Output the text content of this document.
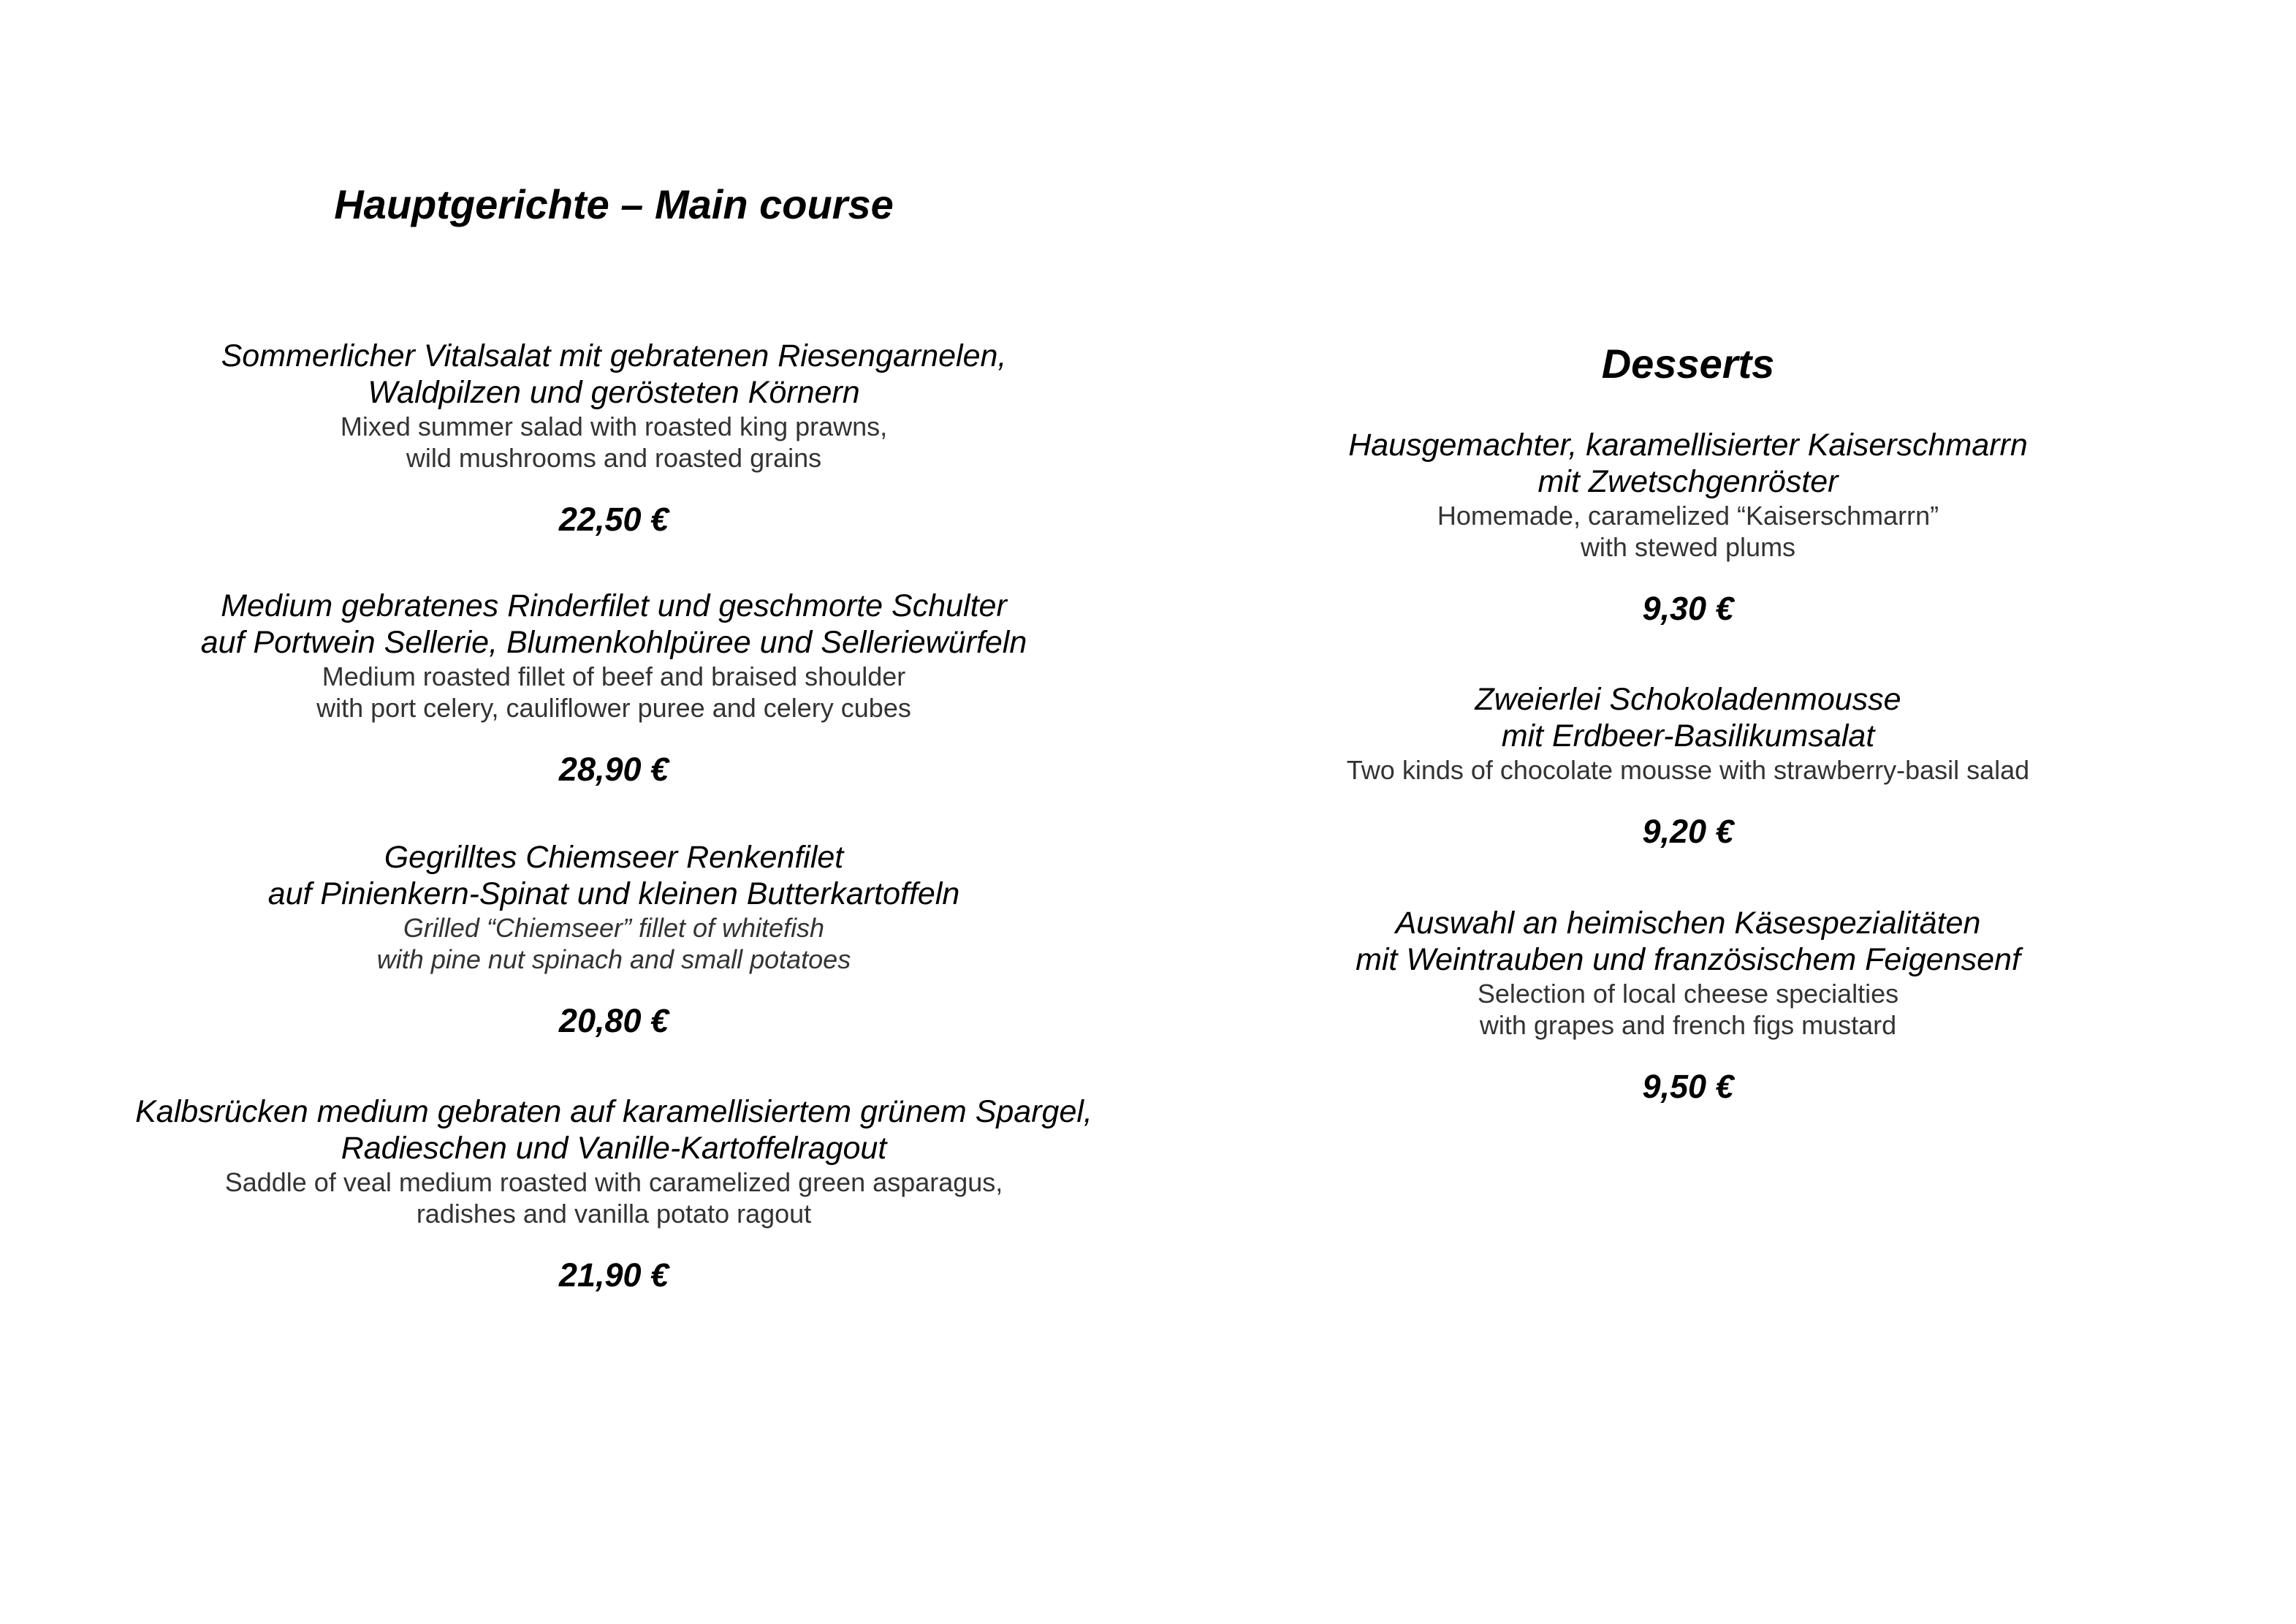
Hauptgerichte – Main course
Sommerlicher Vitalsalat mit gebratenen Riesengarnelen,
Waldpilzen und gerösteten Körnern
Mixed summer salad with roasted king prawns,
wild mushrooms and roasted grains
22,50 €
Medium gebratenes Rinderfilet und geschmorte Schulter
auf Portwein Sellerie, Blumenkohlpüree und Selleriewürfeln
Medium roasted fillet of beef and braised shoulder
with port celery, cauliflower puree and celery cubes
28,90 €
Gegrilltes Chiemseer Renkenfilet
auf Pinienkern-Spinat und kleinen Butterkartoffeln
Grilled “Chiemseer” fillet of whitefish
with pine nut spinach and small potatoes
20,80 €
Kalbsrücken medium gebraten auf karamellisiertem grünem Spargel,
Radieschen und Vanille-Kartoffelragout
Saddle of veal medium roasted with caramelized green asparagus,
radishes and vanilla potato ragout
21,90 €
Desserts
Hausgemachter, karamellisierter Kaiserschmarrn
mit Zwetschgenröster
Homemade, caramelized “Kaiserschmarrn”
with stewed plums
9,30 €
Zweierlei Schokoladenmousse
mit Erdbeer-Basilikumsalat
Two kinds of chocolate mousse with strawberry-basil salad
9,20 €
Auswahl an heimischen Käsespezialitäten
mit Weintrauben und französischem Feigensenf
Selection of local cheese specialties
with grapes and french figs mustard
9,50 €
